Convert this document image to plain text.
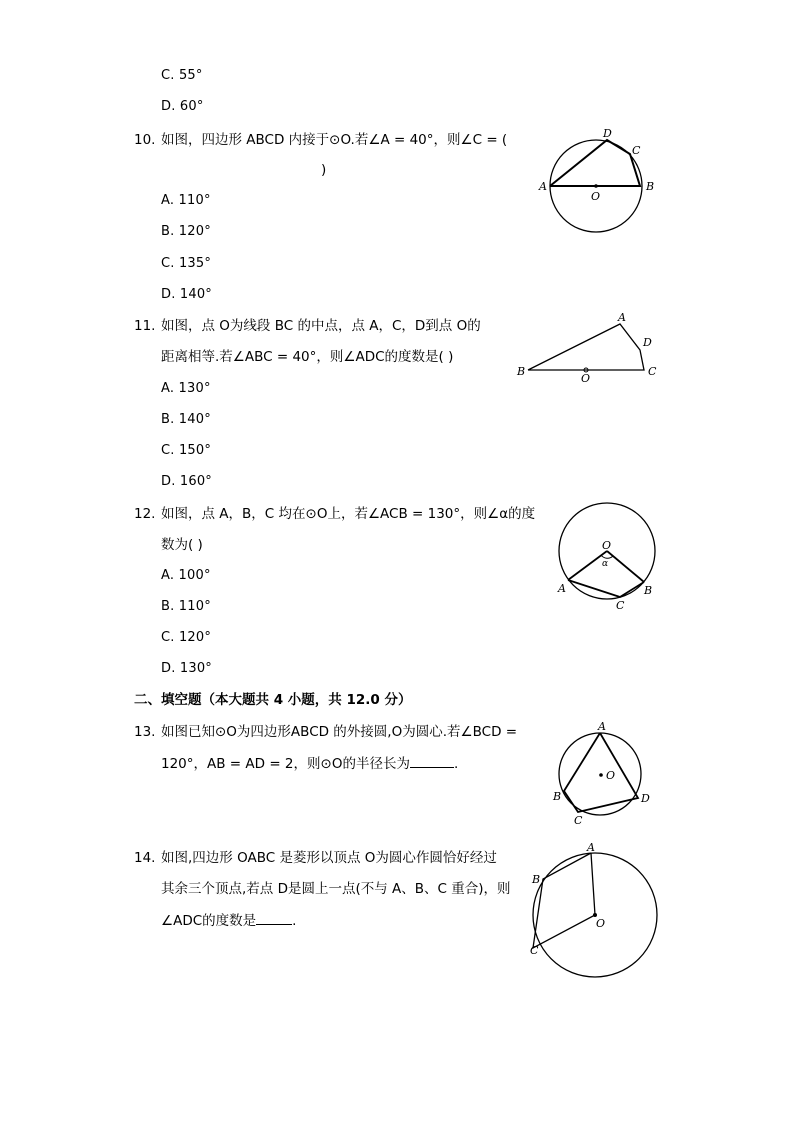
C. 55°
D. 60°
10. 如图，四边形 ABCD 内接于⊙O.若∠A = 40°，则∠C = (
)
A. 110°
B. 120°
C. 135°
D. 140°
A	B
C
D
O
11. 如图，点 O为线段 BC 的中点，点 A，C，D到点 O的
距离相等.若∠ABC = 40°，则∠ADC的度数是( )
A. 130°
B. 140°
C. 150°
D. 160°
A
D
B
O
C
12. 如图，点 A，B，C 均在⊙O上，若∠ACB = 130°，则∠α的度
数为( )
A. 100°
B. 110°
C. 120°
D. 130°
O
α
A	B
C
二、填空题（本大题共 4 小题，共 12.0 分）
13. 如图已知⊙O为四边形ABCD 的外接圆,O为圆心.若∠BCD =
120°，AB = AD = 2，则⊙O的半径长为	.
A
O
B	D
C
14. 如图,四边形 OABC 是菱形以顶点 O为圆心作圆恰好经过
其余三个顶点,若点 D是圆上一点(不与 A、B、C 重合)，则
∠ADC的度数是	.
A
B
O
C
